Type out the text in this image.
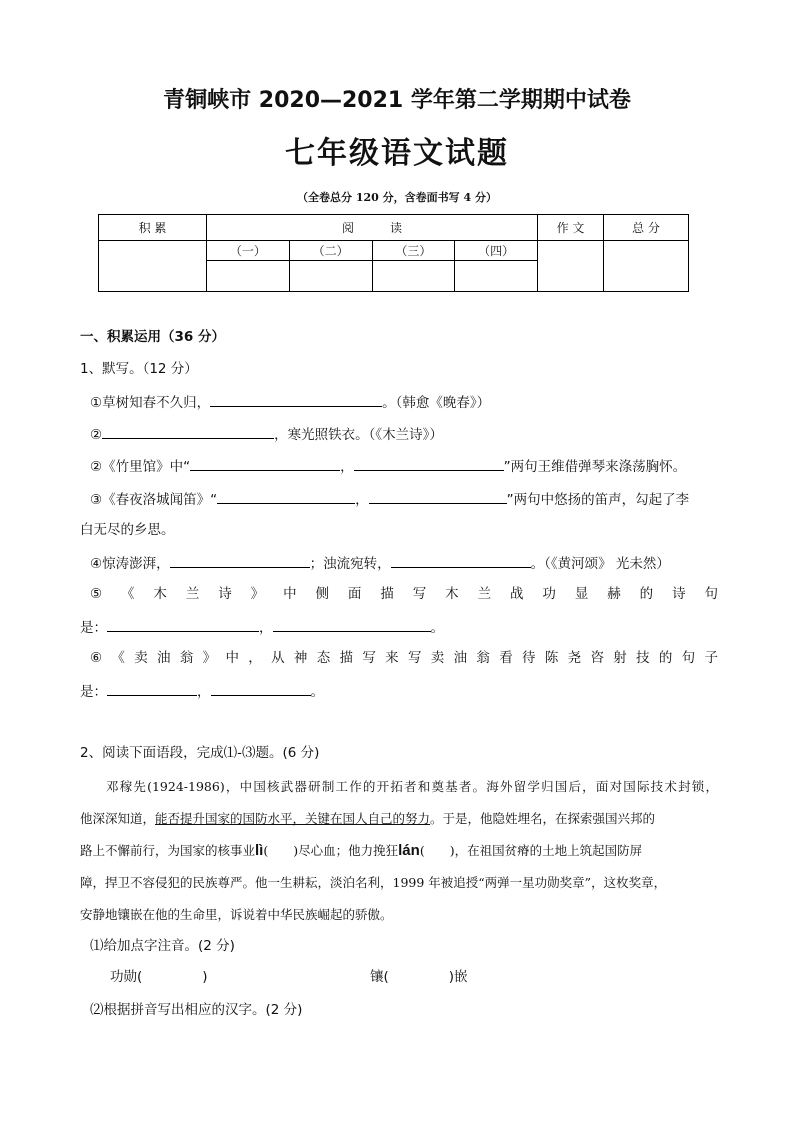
青铜峡市 2020—2021 学年第二学期期中试卷
七年级语文试题
（全卷总分 120 分，含卷面书写 4 分）
积 累	阅　　　读				作 文	总 分
	（一）	（二）	（三）	（四）		

一、积累运用（36 分）
1、默写。（12 分）
①草树知春不久归，	。（韩愈《晚春》）
②	，寒光照铁衣。（《木兰诗》）
②《竹里馆》中“	，	”两句王维借弹琴来涤荡胸怀。
③《春夜洛城闻笛》“	，	”两句中悠扬的笛声，勾起了李
白无尽的乡思。
④惊涛澎湃，	；浊流宛转，	。（《黄河颂》 光未然）
⑤《木兰诗》中侧面描写木兰战功显赫的诗句
是：	，	。
⑥《卖油翁》中，从神态描写来写卖油翁看待陈尧咨射技的句子
是：	，	。
2、阅读下面语段，完成⑴-⑶题。(6 分)
邓稼先(1924-1986)，中国核武器研制工作的开拓者和奠基者。海外留学归国后，面对国际技术封锁，
他深深知道，能否提升国家的国防水平，关键在国人自己的努力。于是，他隐姓埋名，在探索强国兴邦的
路上不懈前行，为国家的核事业lì(　　)尽心血；他力挽狂lán(　　)，在祖国贫瘠的土地上筑起国防屏
障，捍卫不容侵犯的民族尊严。他一生耕耘，淡泊名利，1999 年被追授“两弹一星功勋奖章”，这枚奖章，
安静地镶嵌在他的生命里，诉说着中华民族崛起的骄傲。
⑴给加点字注音。(2 分)
功勋(	)	镶(	)嵌
⑵根据拼音写出相应的汉字。(2 分)
